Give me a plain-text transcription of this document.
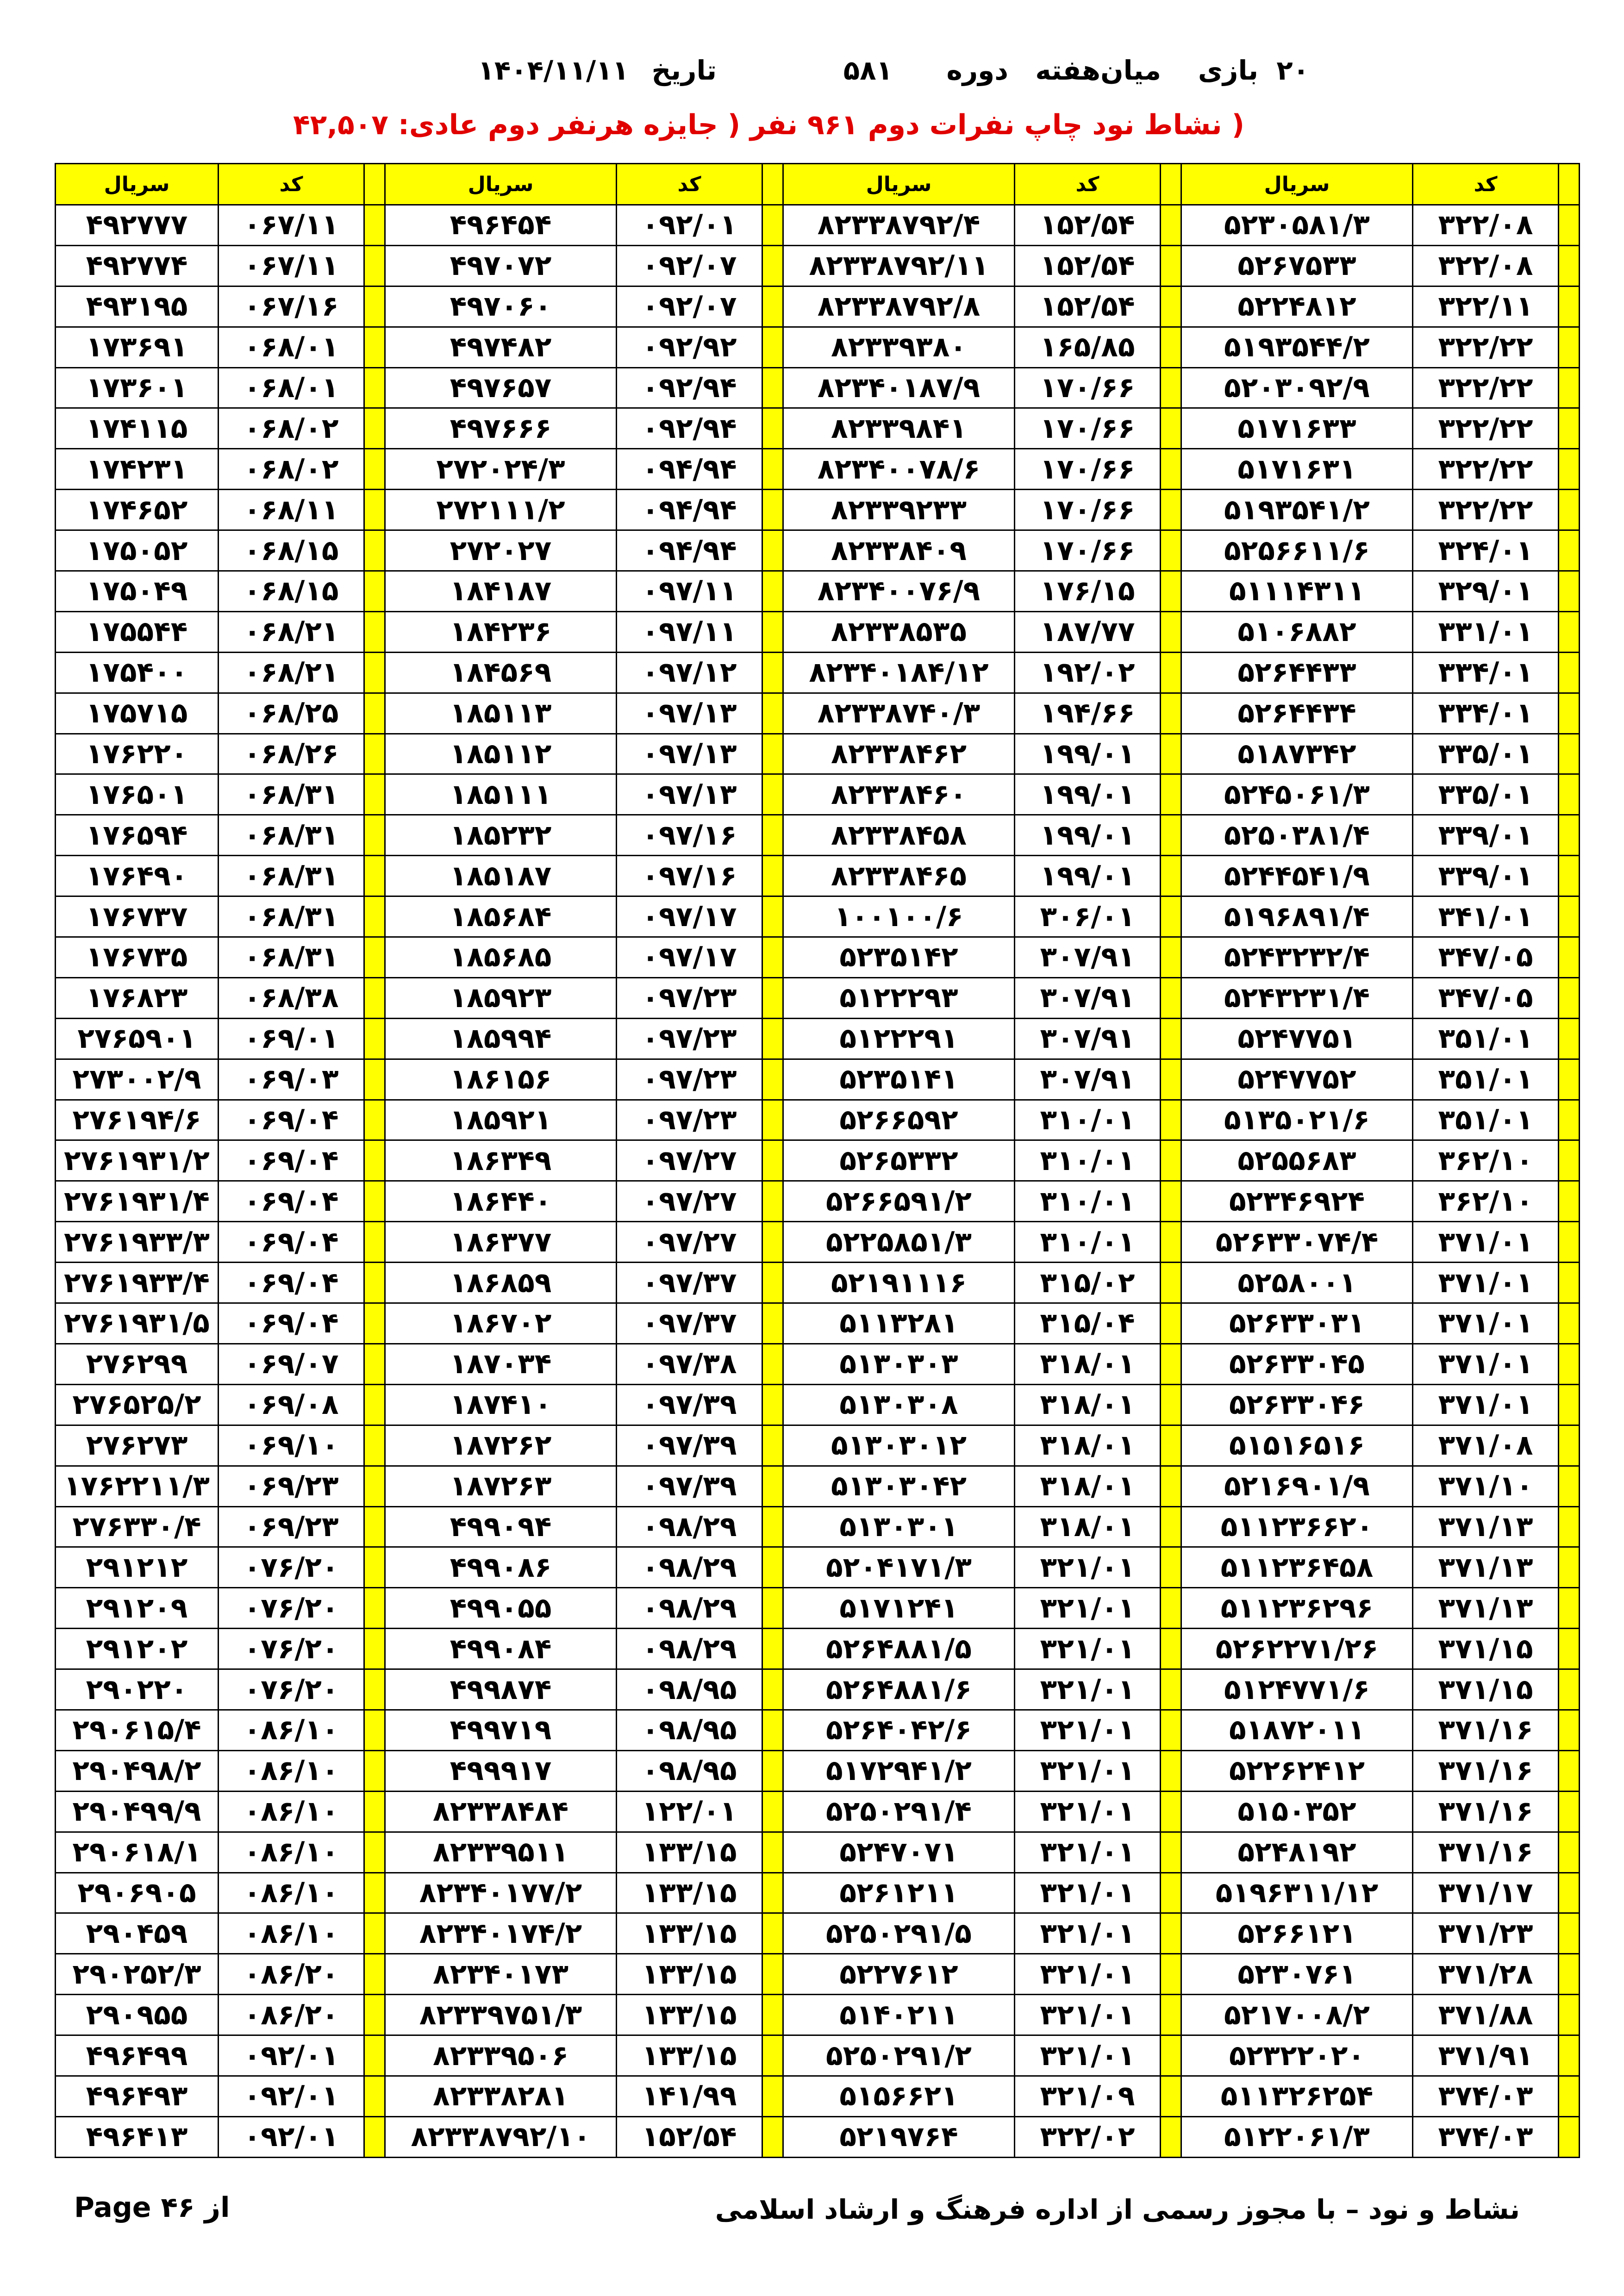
۲۰
بازی
میان‌هفته
دوره
۵۸۱
تاریخ
۱۴۰۴/۱۱/۱۱
( نشاط نود چاپ نفرات دوم ۹۶۱ نفر ( جایزه هرنفر دوم عادی: ۴۲,۵۰۷
	کد	سریال		کد	سریال		کد	سریال		کد	سریال
	۳۲۲/۰۸	۵۲۳۰۵۸۱/۳		۱۵۲/۵۴	۸۲۳۳۸۷۹۲/۴		۰۹۲/۰۱	۴۹۶۴۵۴		۰۶۷/۱۱	۴۹۲۷۷۷
	۳۲۲/۰۸	۵۲۶۷۵۳۳		۱۵۲/۵۴	۸۲۳۳۸۷۹۲/۱۱		۰۹۲/۰۷	۴۹۷۰۷۲		۰۶۷/۱۱	۴۹۲۷۷۴
	۳۲۲/۱۱	۵۲۲۴۸۱۲		۱۵۲/۵۴	۸۲۳۳۸۷۹۲/۸		۰۹۲/۰۷	۴۹۷۰۶۰		۰۶۷/۱۶	۴۹۳۱۹۵
	۳۲۲/۲۲	۵۱۹۳۵۴۴/۲		۱۶۵/۸۵	۸۲۳۳۹۳۸۰		۰۹۲/۹۲	۴۹۷۴۸۲		۰۶۸/۰۱	۱۷۳۶۹۱
	۳۲۲/۲۲	۵۲۰۳۰۹۲/۹		۱۷۰/۶۶	۸۲۳۴۰۱۸۷/۹		۰۹۲/۹۴	۴۹۷۶۵۷		۰۶۸/۰۱	۱۷۳۶۰۱
	۳۲۲/۲۲	۵۱۷۱۶۳۳		۱۷۰/۶۶	۸۲۳۳۹۸۴۱		۰۹۲/۹۴	۴۹۷۶۶۶		۰۶۸/۰۲	۱۷۴۱۱۵
	۳۲۲/۲۲	۵۱۷۱۶۳۱		۱۷۰/۶۶	۸۲۳۴۰۰۷۸/۶		۰۹۴/۹۴	۲۷۲۰۲۴/۳		۰۶۸/۰۲	۱۷۴۲۳۱
	۳۲۲/۲۲	۵۱۹۳۵۴۱/۲		۱۷۰/۶۶	۸۲۳۳۹۲۳۳		۰۹۴/۹۴	۲۷۲۱۱۱/۲		۰۶۸/۱۱	۱۷۴۶۵۲
	۳۲۴/۰۱	۵۲۵۶۶۱۱/۶		۱۷۰/۶۶	۸۲۳۳۸۴۰۹		۰۹۴/۹۴	۲۷۲۰۲۷		۰۶۸/۱۵	۱۷۵۰۵۲
	۳۲۹/۰۱	۵۱۱۱۴۳۱۱		۱۷۶/۱۵	۸۲۳۴۰۰۷۶/۹		۰۹۷/۱۱	۱۸۴۱۸۷		۰۶۸/۱۵	۱۷۵۰۴۹
	۳۳۱/۰۱	۵۱۰۶۸۸۲		۱۸۷/۷۷	۸۲۳۳۸۵۳۵		۰۹۷/۱۱	۱۸۴۲۳۶		۰۶۸/۲۱	۱۷۵۵۴۴
	۳۳۴/۰۱	۵۲۶۴۴۳۳		۱۹۲/۰۲	۸۲۳۴۰۱۸۴/۱۲		۰۹۷/۱۲	۱۸۴۵۶۹		۰۶۸/۲۱	۱۷۵۴۰۰
	۳۳۴/۰۱	۵۲۶۴۴۳۴		۱۹۴/۶۶	۸۲۳۳۸۷۴۰/۳		۰۹۷/۱۳	۱۸۵۱۱۳		۰۶۸/۲۵	۱۷۵۷۱۵
	۳۳۵/۰۱	۵۱۸۷۳۴۲		۱۹۹/۰۱	۸۲۳۳۸۴۶۲		۰۹۷/۱۳	۱۸۵۱۱۲		۰۶۸/۲۶	۱۷۶۲۲۰
	۳۳۵/۰۱	۵۲۴۵۰۶۱/۳		۱۹۹/۰۱	۸۲۳۳۸۴۶۰		۰۹۷/۱۳	۱۸۵۱۱۱		۰۶۸/۳۱	۱۷۶۵۰۱
	۳۳۹/۰۱	۵۲۵۰۳۸۱/۴		۱۹۹/۰۱	۸۲۳۳۸۴۵۸		۰۹۷/۱۶	۱۸۵۲۳۲		۰۶۸/۳۱	۱۷۶۵۹۴
	۳۳۹/۰۱	۵۲۴۴۵۴۱/۹		۱۹۹/۰۱	۸۲۳۳۸۴۶۵		۰۹۷/۱۶	۱۸۵۱۸۷		۰۶۸/۳۱	۱۷۶۴۹۰
	۳۴۱/۰۱	۵۱۹۶۸۹۱/۴		۳۰۶/۰۱	۱۰۰۱۰۰/۶		۰۹۷/۱۷	۱۸۵۶۸۴		۰۶۸/۳۱	۱۷۶۷۳۷
	۳۴۷/۰۵	۵۲۴۳۲۳۲/۴		۳۰۷/۹۱	۵۲۳۵۱۴۲		۰۹۷/۱۷	۱۸۵۶۸۵		۰۶۸/۳۱	۱۷۶۷۳۵
	۳۴۷/۰۵	۵۲۴۳۲۳۱/۴		۳۰۷/۹۱	۵۱۲۲۲۹۳		۰۹۷/۲۳	۱۸۵۹۲۳		۰۶۸/۳۸	۱۷۶۸۲۳
	۳۵۱/۰۱	۵۲۴۷۷۵۱		۳۰۷/۹۱	۵۱۲۲۲۹۱		۰۹۷/۲۳	۱۸۵۹۹۴		۰۶۹/۰۱	۲۷۶۵۹۰۱
	۳۵۱/۰۱	۵۲۴۷۷۵۲		۳۰۷/۹۱	۵۲۳۵۱۴۱		۰۹۷/۲۳	۱۸۶۱۵۶		۰۶۹/۰۳	۲۷۳۰۰۲/۹
	۳۵۱/۰۱	۵۱۳۵۰۲۱/۶		۳۱۰/۰۱	۵۲۶۶۵۹۲		۰۹۷/۲۳	۱۸۵۹۲۱		۰۶۹/۰۴	۲۷۶۱۹۴/۶
	۳۶۲/۱۰	۵۲۵۵۶۸۳		۳۱۰/۰۱	۵۲۶۵۳۳۲		۰۹۷/۲۷	۱۸۶۳۴۹		۰۶۹/۰۴	۲۷۶۱۹۳۱/۲
	۳۶۲/۱۰	۵۲۳۴۶۹۲۴		۳۱۰/۰۱	۵۲۶۶۵۹۱/۲		۰۹۷/۲۷	۱۸۶۴۴۰		۰۶۹/۰۴	۲۷۶۱۹۳۱/۴
	۳۷۱/۰۱	۵۲۶۳۳۰۷۴/۴		۳۱۰/۰۱	۵۲۲۵۸۵۱/۳		۰۹۷/۲۷	۱۸۶۳۷۷		۰۶۹/۰۴	۲۷۶۱۹۳۳/۳
	۳۷۱/۰۱	۵۲۵۸۰۰۱		۳۱۵/۰۲	۵۲۱۹۱۱۱۶		۰۹۷/۳۷	۱۸۶۸۵۹		۰۶۹/۰۴	۲۷۶۱۹۳۳/۴
	۳۷۱/۰۱	۵۲۶۳۳۰۳۱		۳۱۵/۰۴	۵۱۱۳۲۸۱		۰۹۷/۳۷	۱۸۶۷۰۲		۰۶۹/۰۴	۲۷۶۱۹۳۱/۵
	۳۷۱/۰۱	۵۲۶۳۳۰۴۵		۳۱۸/۰۱	۵۱۳۰۳۰۳		۰۹۷/۳۸	۱۸۷۰۳۴		۰۶۹/۰۷	۲۷۶۲۹۹
	۳۷۱/۰۱	۵۲۶۳۳۰۴۶		۳۱۸/۰۱	۵۱۳۰۳۰۸		۰۹۷/۳۹	۱۸۷۴۱۰		۰۶۹/۰۸	۲۷۶۵۲۵/۲
	۳۷۱/۰۸	۵۱۵۱۶۵۱۶		۳۱۸/۰۱	۵۱۳۰۳۰۱۲		۰۹۷/۳۹	۱۸۷۲۶۲		۰۶۹/۱۰	۲۷۶۲۷۳
	۳۷۱/۱۰	۵۲۱۶۹۰۱/۹		۳۱۸/۰۱	۵۱۳۰۳۰۴۲		۰۹۷/۳۹	۱۸۷۲۶۳		۰۶۹/۲۳	۱۷۶۲۲۱۱/۳
	۳۷۱/۱۳	۵۱۱۲۳۶۶۲۰		۳۱۸/۰۱	۵۱۳۰۳۰۱		۰۹۸/۲۹	۴۹۹۰۹۴		۰۶۹/۲۳	۲۷۶۳۳۰/۴
	۳۷۱/۱۳	۵۱۱۲۳۶۴۵۸		۳۲۱/۰۱	۵۲۰۴۱۷۱/۳		۰۹۸/۲۹	۴۹۹۰۸۶		۰۷۶/۲۰	۲۹۱۲۱۲
	۳۷۱/۱۳	۵۱۱۲۳۶۲۹۶		۳۲۱/۰۱	۵۱۷۱۲۴۱		۰۹۸/۲۹	۴۹۹۰۵۵		۰۷۶/۲۰	۲۹۱۲۰۹
	۳۷۱/۱۵	۵۲۶۲۲۷۱/۲۶		۳۲۱/۰۱	۵۲۶۴۸۸۱/۵		۰۹۸/۲۹	۴۹۹۰۸۴		۰۷۶/۲۰	۲۹۱۲۰۲
	۳۷۱/۱۵	۵۱۲۴۷۷۱/۶		۳۲۱/۰۱	۵۲۶۴۸۸۱/۶		۰۹۸/۹۵	۴۹۹۸۷۴		۰۷۶/۲۰	۲۹۰۲۲۰
	۳۷۱/۱۶	۵۱۸۷۲۰۱۱		۳۲۱/۰۱	۵۲۶۴۰۴۲/۶		۰۹۸/۹۵	۴۹۹۷۱۹		۰۸۶/۱۰	۲۹۰۶۱۵/۴
	۳۷۱/۱۶	۵۲۲۶۲۴۱۲		۳۲۱/۰۱	۵۱۷۲۹۴۱/۲		۰۹۸/۹۵	۴۹۹۹۱۷		۰۸۶/۱۰	۲۹۰۴۹۸/۲
	۳۷۱/۱۶	۵۱۵۰۳۵۲		۳۲۱/۰۱	۵۲۵۰۲۹۱/۴		۱۲۲/۰۱	۸۲۳۳۸۴۸۴		۰۸۶/۱۰	۲۹۰۴۹۹/۹
	۳۷۱/۱۶	۵۲۴۸۱۹۲		۳۲۱/۰۱	۵۲۴۷۰۷۱		۱۳۳/۱۵	۸۲۳۳۹۵۱۱		۰۸۶/۱۰	۲۹۰۶۱۸/۱
	۳۷۱/۱۷	۵۱۹۶۳۱۱/۱۲		۳۲۱/۰۱	۵۲۶۱۲۱۱		۱۳۳/۱۵	۸۲۳۴۰۱۷۷/۲		۰۸۶/۱۰	۲۹۰۶۹۰۵
	۳۷۱/۲۳	۵۲۶۶۱۲۱		۳۲۱/۰۱	۵۲۵۰۲۹۱/۵		۱۳۳/۱۵	۸۲۳۴۰۱۷۴/۲		۰۸۶/۱۰	۲۹۰۴۵۹
	۳۷۱/۲۸	۵۲۳۰۷۶۱		۳۲۱/۰۱	۵۲۲۷۶۱۲		۱۳۳/۱۵	۸۲۳۴۰۱۷۳		۰۸۶/۲۰	۲۹۰۲۵۲/۳
	۳۷۱/۸۸	۵۲۱۷۰۰۸/۲		۳۲۱/۰۱	۵۱۴۰۲۱۱		۱۳۳/۱۵	۸۲۳۳۹۷۵۱/۳		۰۸۶/۲۰	۲۹۰۹۵۵
	۳۷۱/۹۱	۵۲۳۲۲۰۲۰		۳۲۱/۰۱	۵۲۵۰۲۹۱/۲		۱۳۳/۱۵	۸۲۳۳۹۵۰۶		۰۹۲/۰۱	۴۹۶۴۹۹
	۳۷۴/۰۳	۵۱۱۳۲۶۲۵۴		۳۲۱/۰۹	۵۱۵۶۶۲۱		۱۴۱/۹۹	۸۲۳۳۸۲۸۱		۰۹۲/۰۱	۴۹۶۴۹۳
	۳۷۴/۰۳	۵۱۲۲۰۶۱/۳		۳۲۲/۰۲	۵۲۱۹۷۶۴		۱۵۲/۵۴	۸۲۳۳۸۷۹۲/۱۰		۰۹۲/۰۱	۴۹۶۴۱۳
Page ۴۶ از	نشاط و نود – با مجوز رسمی از اداره فرهنگ و ارشاد اسلامی
